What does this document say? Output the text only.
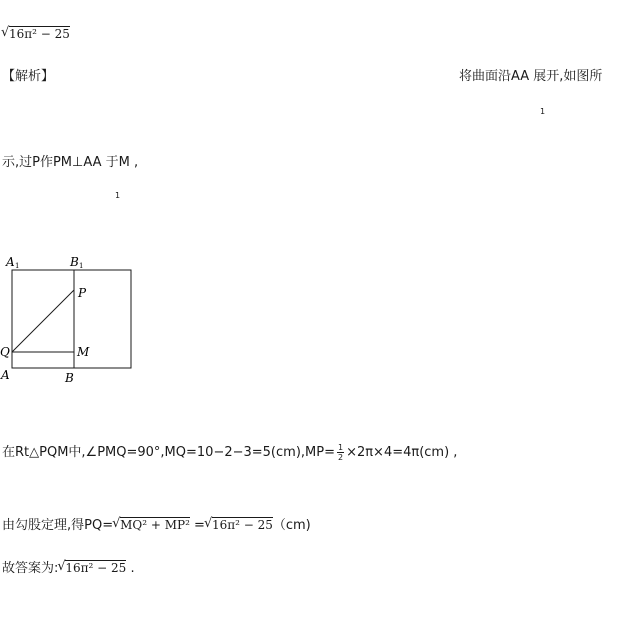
√ 16π² − 25
【解析】	将曲面沿AA 展开,如图所
1
示,过P作PM⊥AA 于M ,
1
A 1	B 1
P
Q	M
A	B
在Rt△PQM中,∠PMQ=90°,MQ=10−2−3=5(cm),MP= $\frac{1}{2} \times 2\pi\times 4=4\pi(cm)$ ,
由勾股定理,得PQ= √ MQ² + MP² = √ 16π² − 25（cm)
故答案为: √ 16π² − 25 .
